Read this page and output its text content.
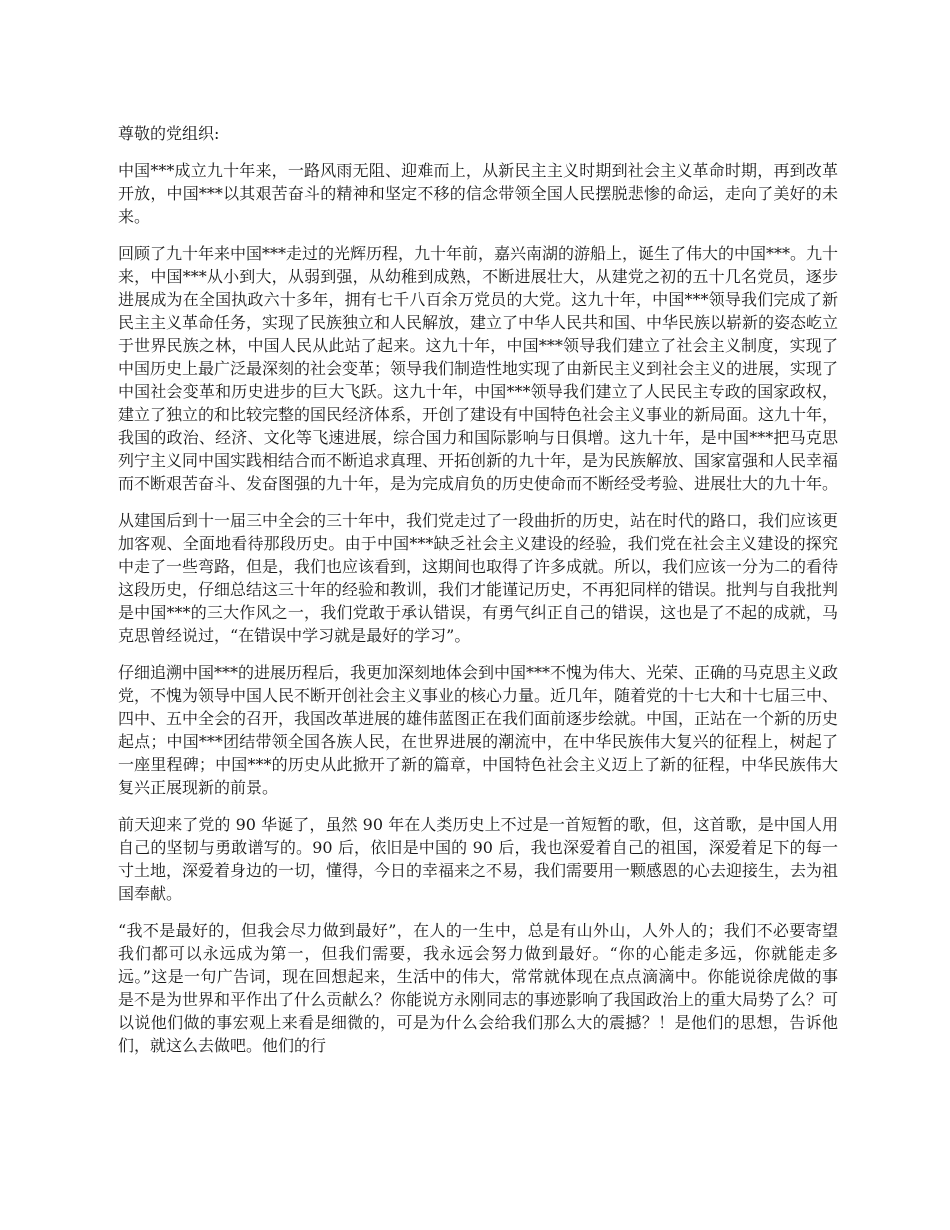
尊敬的党组织:

中国***成立九十年来，一路风雨无阻、迎难而上，从新民主主义时期到社会主义革命时期，再到改革开放，中国***以其艰苦奋斗的精神和坚定不移的信念带领全国人民摆脱悲惨的命运，走向了美好的未来。

回顾了九十年来中国***走过的光辉历程，九十年前，嘉兴南湖的游船上，诞生了伟大的中国***。九十来，中国***从小到大，从弱到强，从幼稚到成熟，不断进展壮大，从建党之初的五十几名党员，逐步进展成为在全国执政六十多年，拥有七千八百余万党员的大党。这九十年，中国***领导我们完成了新民主主义革命任务，实现了民族独立和人民解放，建立了中华人民共和国、中华民族以崭新的姿态屹立于世界民族之林，中国人民从此站了起来。这九十年，中国***领导我们建立了社会主义制度，实现了中国历史上最广泛最深刻的社会变革；领导我们制造性地实现了由新民主义到社会主义的进展，实现了中国社会变革和历史进步的巨大飞跃。这九十年，中国***领导我们建立了人民民主专政的国家政权，建立了独立的和比较完整的国民经济体系，开创了建设有中国特色社会主义事业的新局面。这九十年，我国的政治、经济、文化等飞速进展，综合国力和国际影响与日俱增。这九十年，是中国***把马克思列宁主义同中国实践相结合而不断追求真理、开拓创新的九十年，是为民族解放、国家富强和人民幸福而不断艰苦奋斗、发奋图强的九十年，是为完成肩负的历史使命而不断经受考验、进展壮大的九十年。

从建国后到十一届三中全会的三十年中，我们党走过了一段曲折的历史，站在时代的路口，我们应该更加客观、全面地看待那段历史。由于中国***缺乏社会主义建设的经验，我们党在社会主义建设的探究中走了一些弯路，但是，我们也应该看到，这期间也取得了许多成就。所以，我们应该一分为二的看待这段历史，仔细总结这三十年的经验和教训，我们才能谨记历史，不再犯同样的错误。批判与自我批判是中国***的三大作风之一，我们党敢于承认错误，有勇气纠正自己的错误，这也是了不起的成就，马克思曾经说过，“在错误中学习就是最好的学习”。

仔细追溯中国***的进展历程后，我更加深刻地体会到中国***不愧为伟大、光荣、正确的马克思主义政党，不愧为领导中国人民不断开创社会主义事业的核心力量。近几年，随着党的十七大和十七届三中、四中、五中全会的召开，我国改革进展的雄伟蓝图正在我们面前逐步绘就。中国，正站在一个新的历史起点；中国***团结带领全国各族人民，在世界进展的潮流中，在中华民族伟大复兴的征程上，树起了一座里程碑；中国***的历史从此掀开了新的篇章，中国特色社会主义迈上了新的征程，中华民族伟大复兴正展现新的前景。

前天迎来了党的 90 华诞了，虽然 90 年在人类历史上不过是一首短暂的歌，但，这首歌，是中国人用自己的坚韧与勇敢谱写的。90 后，依旧是中国的 90 后，我也深爱着自己的祖国，深爱着足下的每一寸土地，深爱着身边的一切，懂得，今日的幸福来之不易，我们需要用一颗感恩的心去迎接生，去为祖国奉献。

“我不是最好的，但我会尽力做到最好”，在人的一生中，总是有山外山，人外人的；我们不必要寄望我们都可以永远成为第一，但我们需要，我永远会努力做到最好。“你的心能走多远，你就能走多远。”这是一句广告词，现在回想起来，生活中的伟大，常常就体现在点点滴滴中。你能说徐虎做的事是不是为世界和平作出了什么贡献么？你能说方永刚同志的事迹影响了我国政治上的重大局势了么？可以说他们做的事宏观上来看是细微的，可是为什么会给我们那么大的震撼？！是他们的思想，告诉他们，就这么去做吧。他们的行
